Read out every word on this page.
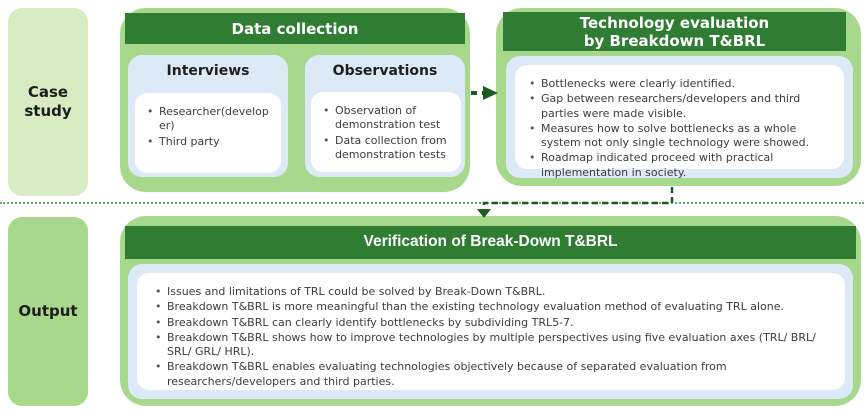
Case study
Output
Data collection
Interviews
• Researcher(developer)
• Third party
Observations
• Observation of demonstration test
• Data collection from demonstration tests
Technology evaluation
by Breakdown T&BRL
• Bottlenecks were clearly identified.
• Gap between researchers/developers and third parties were made visible.
• Measures how to solve bottlenecks as a whole system not only single technology were showed.
• Roadmap indicated proceed with practical implementation in society.
Verification of Break-Down T&BRL
• Issues and limitations of TRL could be solved by Break-Down T&BRL.
• Breakdown T&BRL is more meaningful than the existing technology evaluation method of evaluating TRL alone.
• Breakdown T&BRL can clearly identify bottlenecks by subdividing TRL5-7.
• Breakdown T&BRL shows how to improve technologies by multiple perspectives using five evaluation axes (TRL/ BRL/ SRL/ GRL/ HRL).
• Breakdown T&BRL enables evaluating technologies objectively because of separated evaluation from researchers/developers and third parties.
